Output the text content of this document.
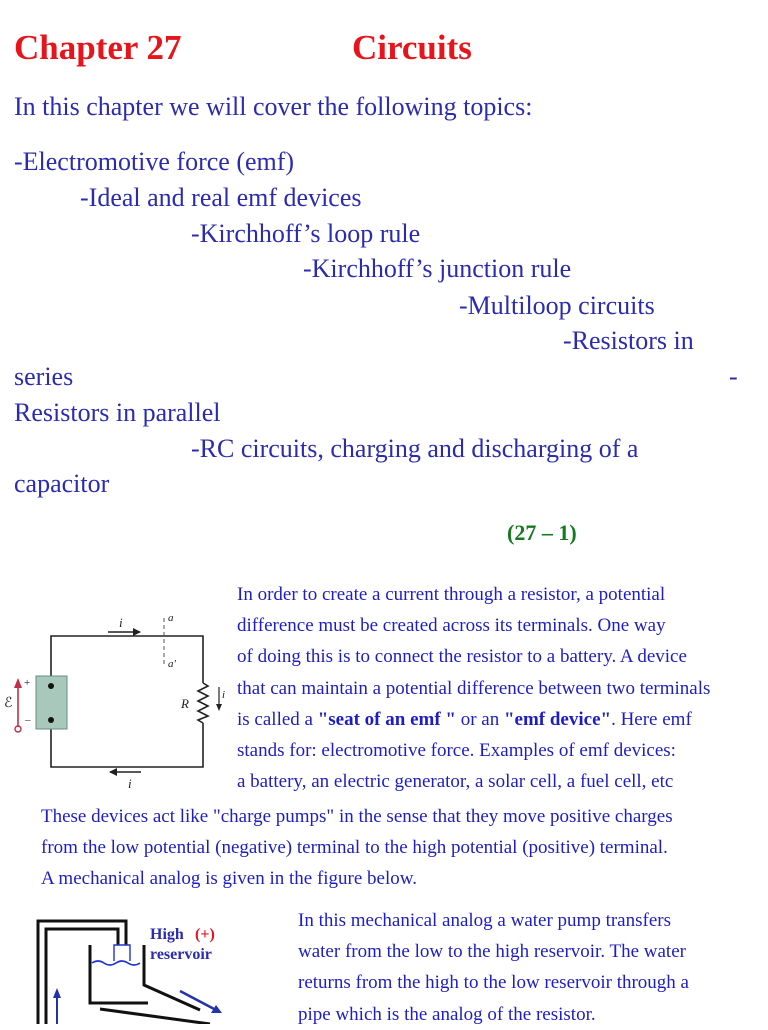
Chapter 27	Circuits
In this chapter we will cover the following topics:
-Electromotive force (emf)
-Ideal and real emf devices
-Kirchhoff’s loop rule
-Kirchhoff’s junction rule
-Multiloop circuits
-Resistors in
series	-
Resistors in parallel
-RC circuits, charging and discharging of a
capacitor
(27 – 1)
i	a
a'
R
i
i
ℰ
+
–
In order to create a current through a resistor, a potential
difference must be created across its terminals. One way
of doing this is to connect the resistor to a battery. A device
that can maintain a potential difference between two terminals
is called a "seat of an emf " or an "emf device". Here emf
stands for: electromotive force. Examples of emf devices:
a battery, an electric generator, a solar cell, a fuel cell, etc
These devices act like "charge pumps" in the sense that they move positive charges
from the low potential (negative) terminal to the high potential (positive) terminal.
A mechanical analog is given in the figure below.
High (+)
reservoir
In this mechanical analog a water pump transfers
water from the low to the high reservoir. The water
returns from the high to the low reservoir through a
pipe which is the analog of the resistor.
